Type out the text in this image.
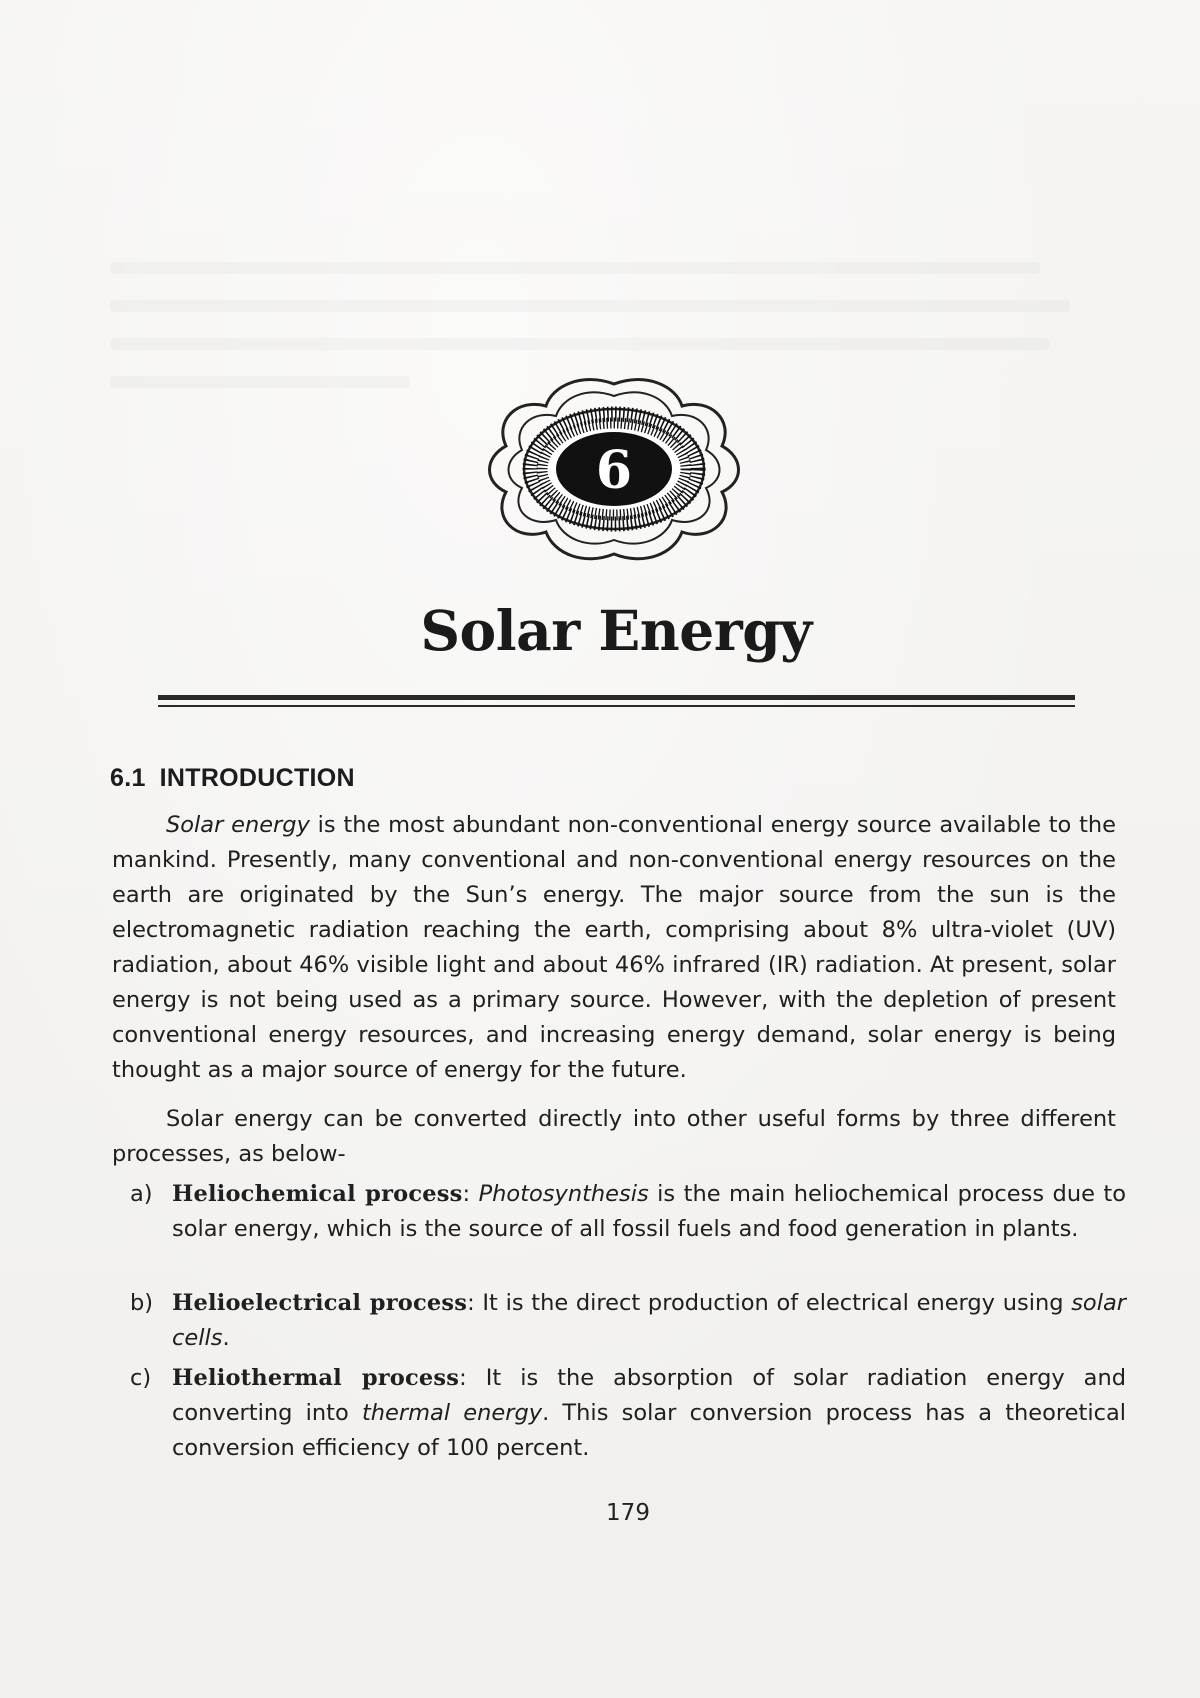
6
Solar Energy
6.1 INTRODUCTION

Solar energy is the most abundant non-conventional energy source available to the mankind. Presently, many conventional and non-conventional energy resources on the earth are originated by the Sun’s energy. The major source from the sun is the electromagnetic radiation reaching the earth, comprising about 8% ultra-violet (UV) radiation, about 46% visible light and about 46% infrared (IR) radiation. At present, solar energy is not being used as a primary source. However, with the depletion of present conventional energy resources, and increasing energy demand, solar energy is being thought as a major source of energy for the future.

Solar energy can be converted directly into other useful forms by three different processes, as below-

a) Heliochemical process: Photosynthesis is the main heliochemical process due to solar energy, which is the source of all fossil fuels and food generation in plants.
b) Helioelectrical process: It is the direct production of electrical energy using solar cells.
c) Heliothermal process: It is the absorption of solar radiation energy and converting into thermal energy. This solar conversion process has a theoretical conversion efficiency of 100 percent.

179
